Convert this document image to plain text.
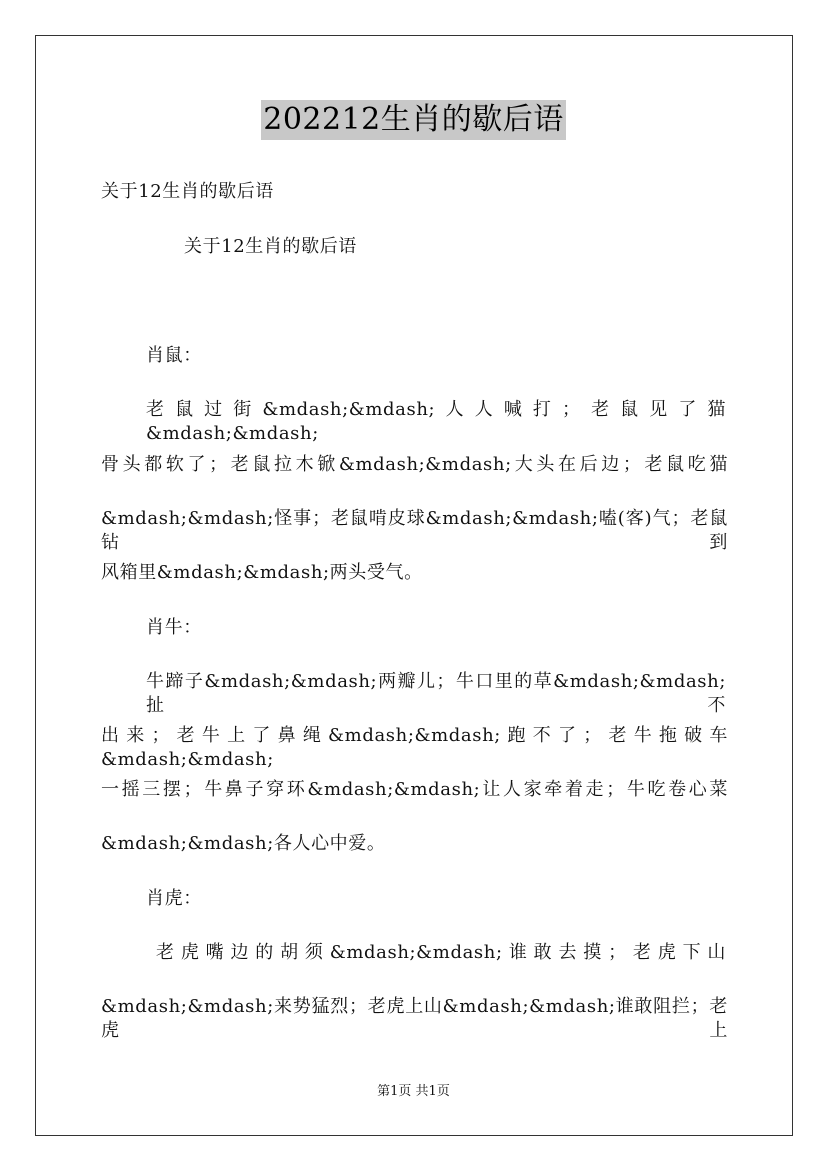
202212生肖的歇后语
关于12生肖的歇后语
关于12生肖的歇后语
肖鼠：
老鼠过街&mdash;&mdash;人人喊打；老鼠见了猫&mdash;&mdash;
骨头都软了；老鼠拉木锨&mdash;&mdash;大头在后边；老鼠吃猫
&mdash;&mdash;怪事；老鼠啃皮球&mdash;&mdash;嗑(客)气；老鼠钻到
风箱里&mdash;&mdash;两头受气。
肖牛：
牛蹄子&mdash;&mdash;两瓣儿；牛口里的草&mdash;&mdash;扯不
出来；老牛上了鼻绳&mdash;&mdash;跑不了；老牛拖破车&mdash;&mdash;
一摇三摆；牛鼻子穿环&mdash;&mdash;让人家牵着走；牛吃卷心菜
&mdash;&mdash;各人心中爱。
肖虎：
老虎嘴边的胡须&mdash;&mdash;谁敢去摸；老虎下山
&mdash;&mdash;来势猛烈；老虎上山&mdash;&mdash;谁敢阻拦；老虎上
第1页 共1页
